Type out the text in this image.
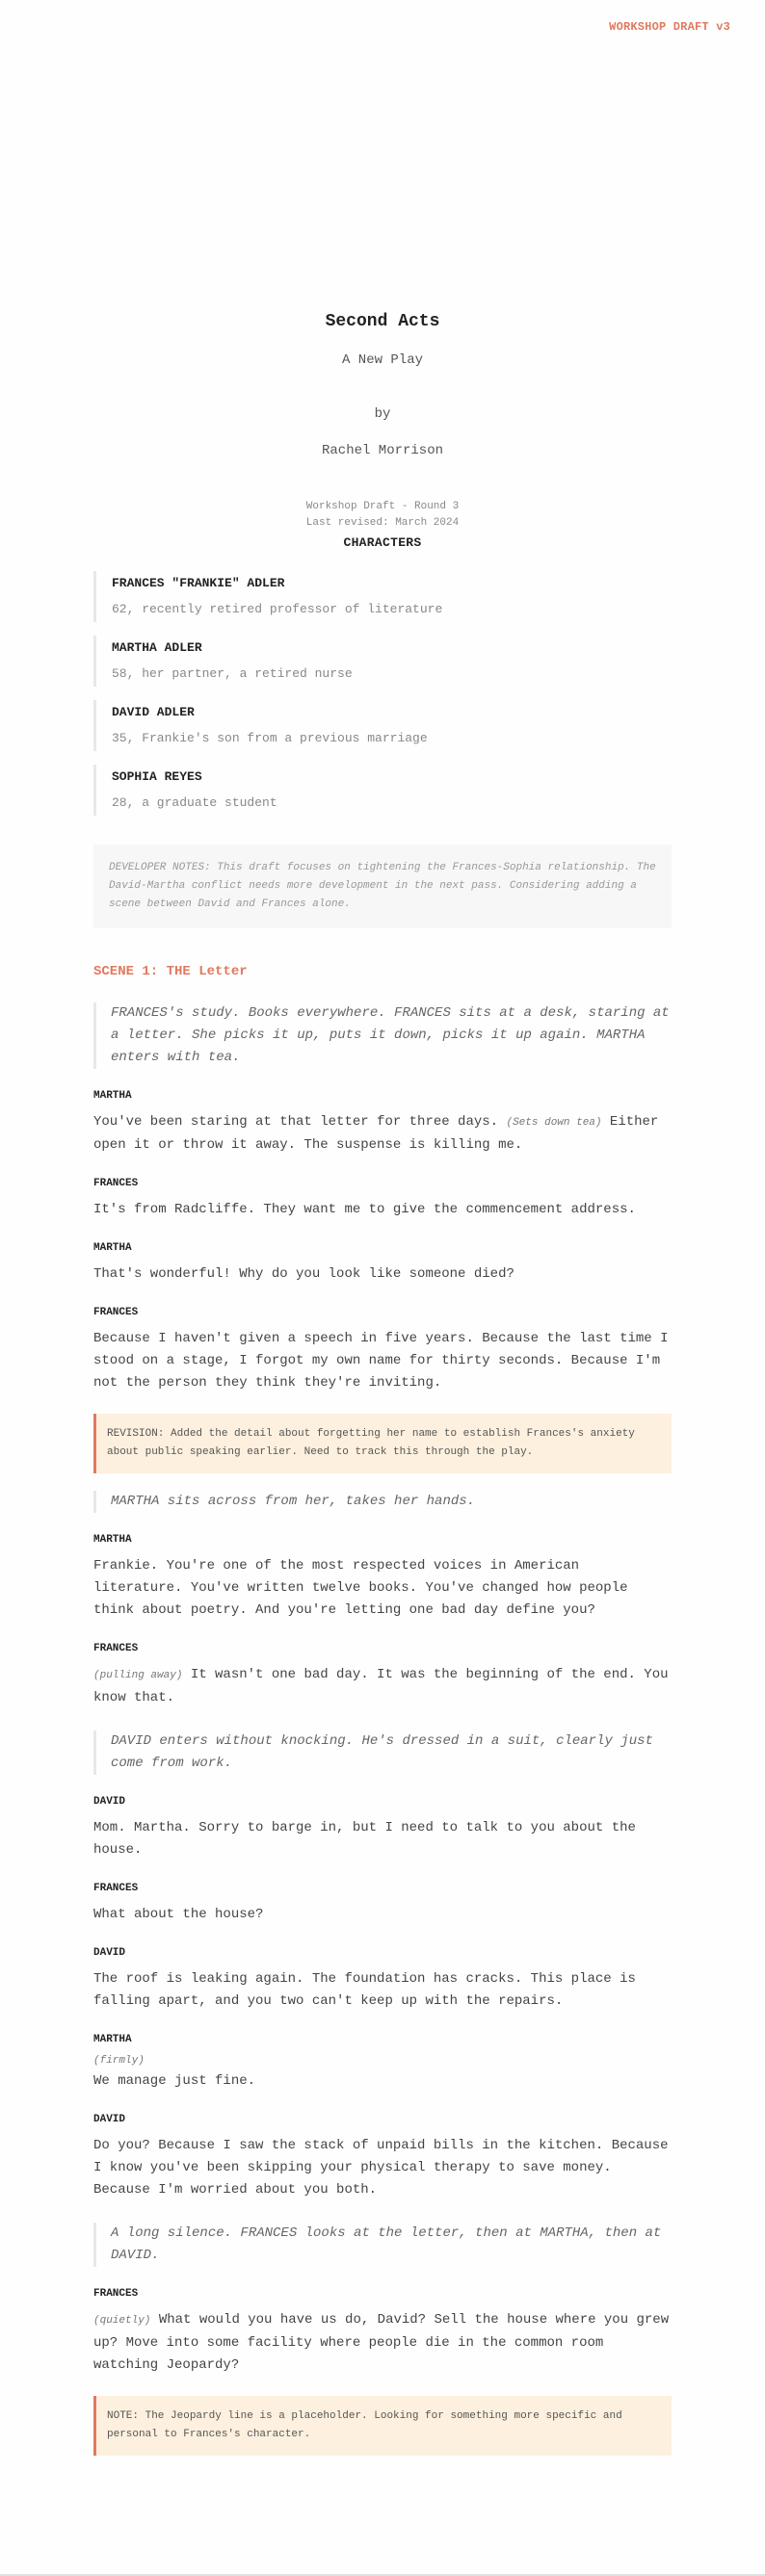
WORKSHOP DRAFT v3
Second Acts
A New Play
by
Rachel Morrison
Workshop Draft - Round 3
Last revised: March 2024
CHARACTERS
FRANCES "FRANKIE" ADLER
62, recently retired professor of literature
MARTHA ADLER
58, her partner, a retired nurse
DAVID ADLER
35, Frankie's son from a previous marriage
SOPHIA REYES
28, a graduate student
DEVELOPER NOTES: This draft focuses on tightening the Frances-Sophia relationship. The David-Martha conflict needs more development in the next pass. Considering adding a scene between David and Frances alone.
SCENE 1: THE Letter
FRANCES's study. Books everywhere. FRANCES sits at a desk, staring at a letter. She picks it up, puts it down, picks it up again. MARTHA enters with tea.
MARTHA
You've been staring at that letter for three days. (Sets down tea) Either open it or throw it away. The suspense is killing me.
FRANCES
It's from Radcliffe. They want me to give the commencement address.
MARTHA
That's wonderful! Why do you look like someone died?
FRANCES
Because I haven't given a speech in five years. Because the last time I stood on a stage, I forgot my own name for thirty seconds. Because I'm not the person they think they're inviting.
REVISION: Added the detail about forgetting her name to establish Frances's anxiety about public speaking earlier. Need to track this through the play.
MARTHA sits across from her, takes her hands.
MARTHA
Frankie. You're one of the most respected voices in American literature. You've written twelve books. You've changed how people think about poetry. And you're letting one bad day define you?
FRANCES
(pulling away) It wasn't one bad day. It was the beginning of the end. You know that.
DAVID enters without knocking. He's dressed in a suit, clearly just come from work.
DAVID
Mom. Martha. Sorry to barge in, but I need to talk to you about the house.
FRANCES
What about the house?
DAVID
The roof is leaking again. The foundation has cracks. This place is falling apart, and you two can't keep up with the repairs.
MARTHA
(firmly)
We manage just fine.
DAVID
Do you? Because I saw the stack of unpaid bills in the kitchen. Because I know you've been skipping your physical therapy to save money. Because I'm worried about you both.
A long silence. FRANCES looks at the letter, then at MARTHA, then at DAVID.
FRANCES
(quietly) What would you have us do, David? Sell the house where you grew up? Move into some facility where people die in the common room watching Jeopardy?
NOTE: The Jeopardy line is a placeholder. Looking for something more specific and personal to Frances's character.
